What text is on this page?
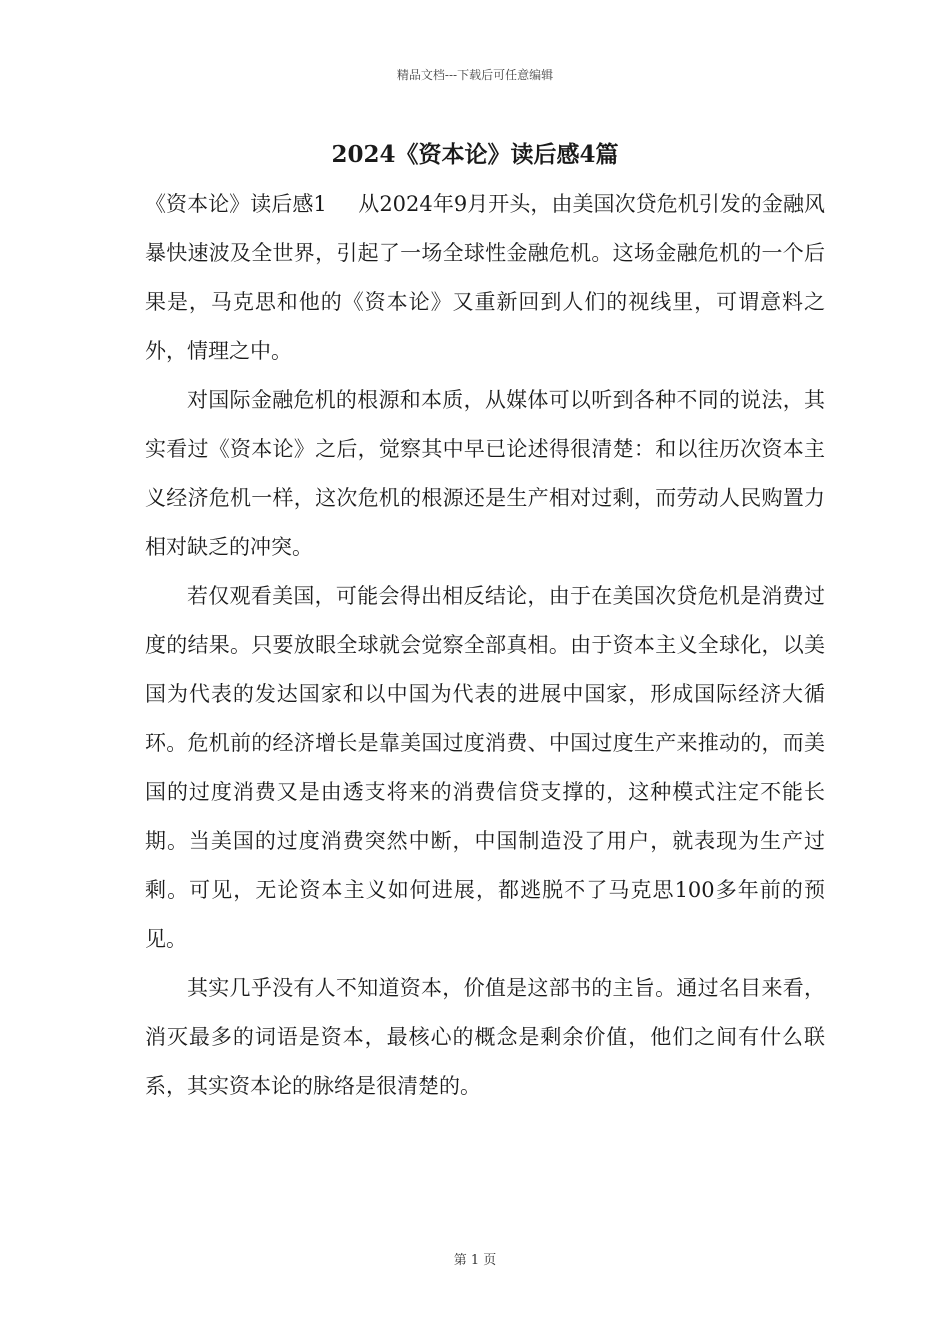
精品文档---下载后可任意编辑
2024《资本论》读后感4篇

《资本论》读后感1 从2024年9月开头，由美国次贷危机引发的金融风暴快速波及全世界，引起了一场全球性金融危机。这场金融危机的一个后果是，马克思和他的《资本论》又重新回到人们的视线里，可谓意料之外，情理之中。

对国际金融危机的根源和本质，从媒体可以听到各种不同的说法，其实看过《资本论》之后，觉察其中早已论述得很清楚：和以往历次资本主义经济危机一样，这次危机的根源还是生产相对过剩，而劳动人民购置力相对缺乏的冲突。

若仅观看美国，可能会得出相反结论，由于在美国次贷危机是消费过度的结果。只要放眼全球就会觉察全部真相。由于资本主义全球化，以美国为代表的发达国家和以中国为代表的进展中国家，形成国际经济大循环。危机前的经济增长是靠美国过度消费、中国过度生产来推动的，而美国的过度消费又是由透支将来的消费信贷支撑的，这种模式注定不能长期。当美国的过度消费突然中断，中国制造没了用户，就表现为生产过剩。可见，无论资本主义如何进展，都逃脱不了马克思100多年前的预见。

其实几乎没有人不知道资本，价值是这部书的主旨。通过名目来看，消灭最多的词语是资本，最核心的概念是剩余价值，他们之间有什么联系，其实资本论的脉络是很清楚的。

第 1 页
